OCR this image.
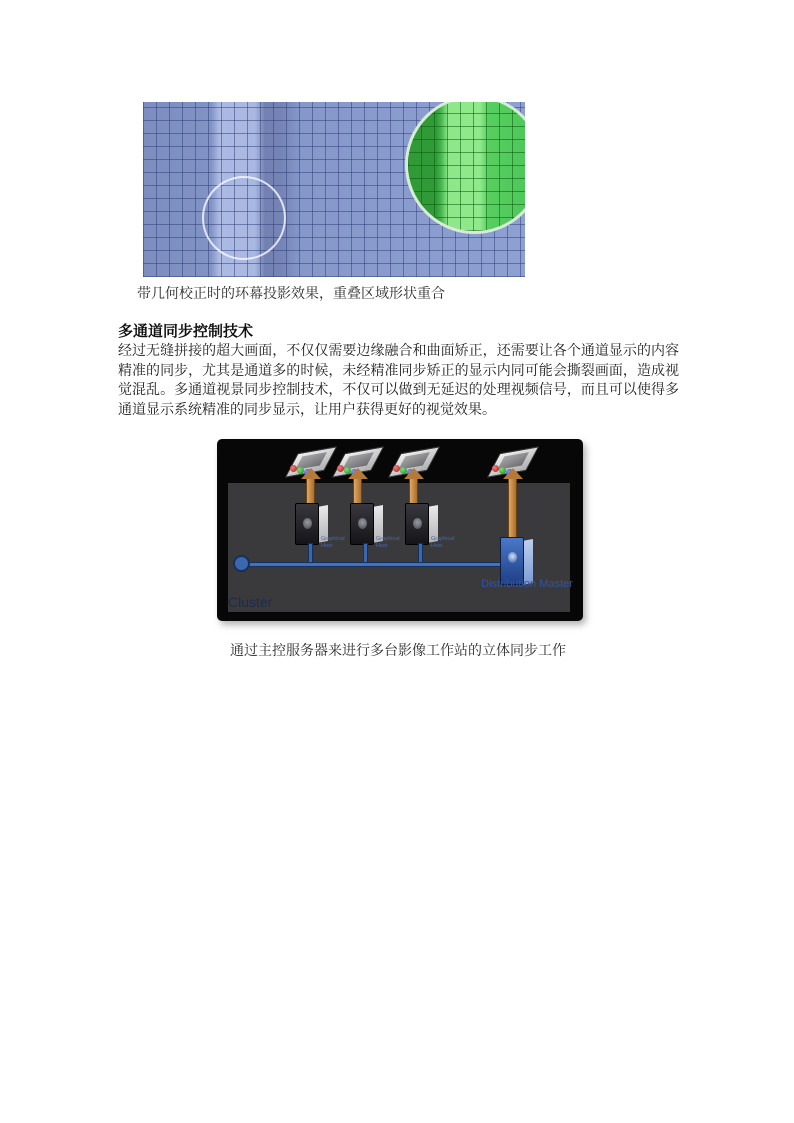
带几何校正时的环幕投影效果，重叠区域形状重合
多通道同步控制技术
经过无缝拼接的超大画面，不仅仅需要边缘融合和曲面矫正，还需要让各个通道显示的内容精准的同步，尤其是通道多的时候，未经精准同步矫正的显示内同可能会撕裂画面，造成视觉混乱。多通道视景同步控制技术，不仅可以做到无延迟的处理视频信号，而且可以使得多通道显示系统精准的同步显示，让用户获得更好的视觉效果。
Graphical
Host
Graphical
Host
Graphical
Host
Distribution Master
Cluster
通过主控服务器来进行多台影像工作站的立体同步工作
